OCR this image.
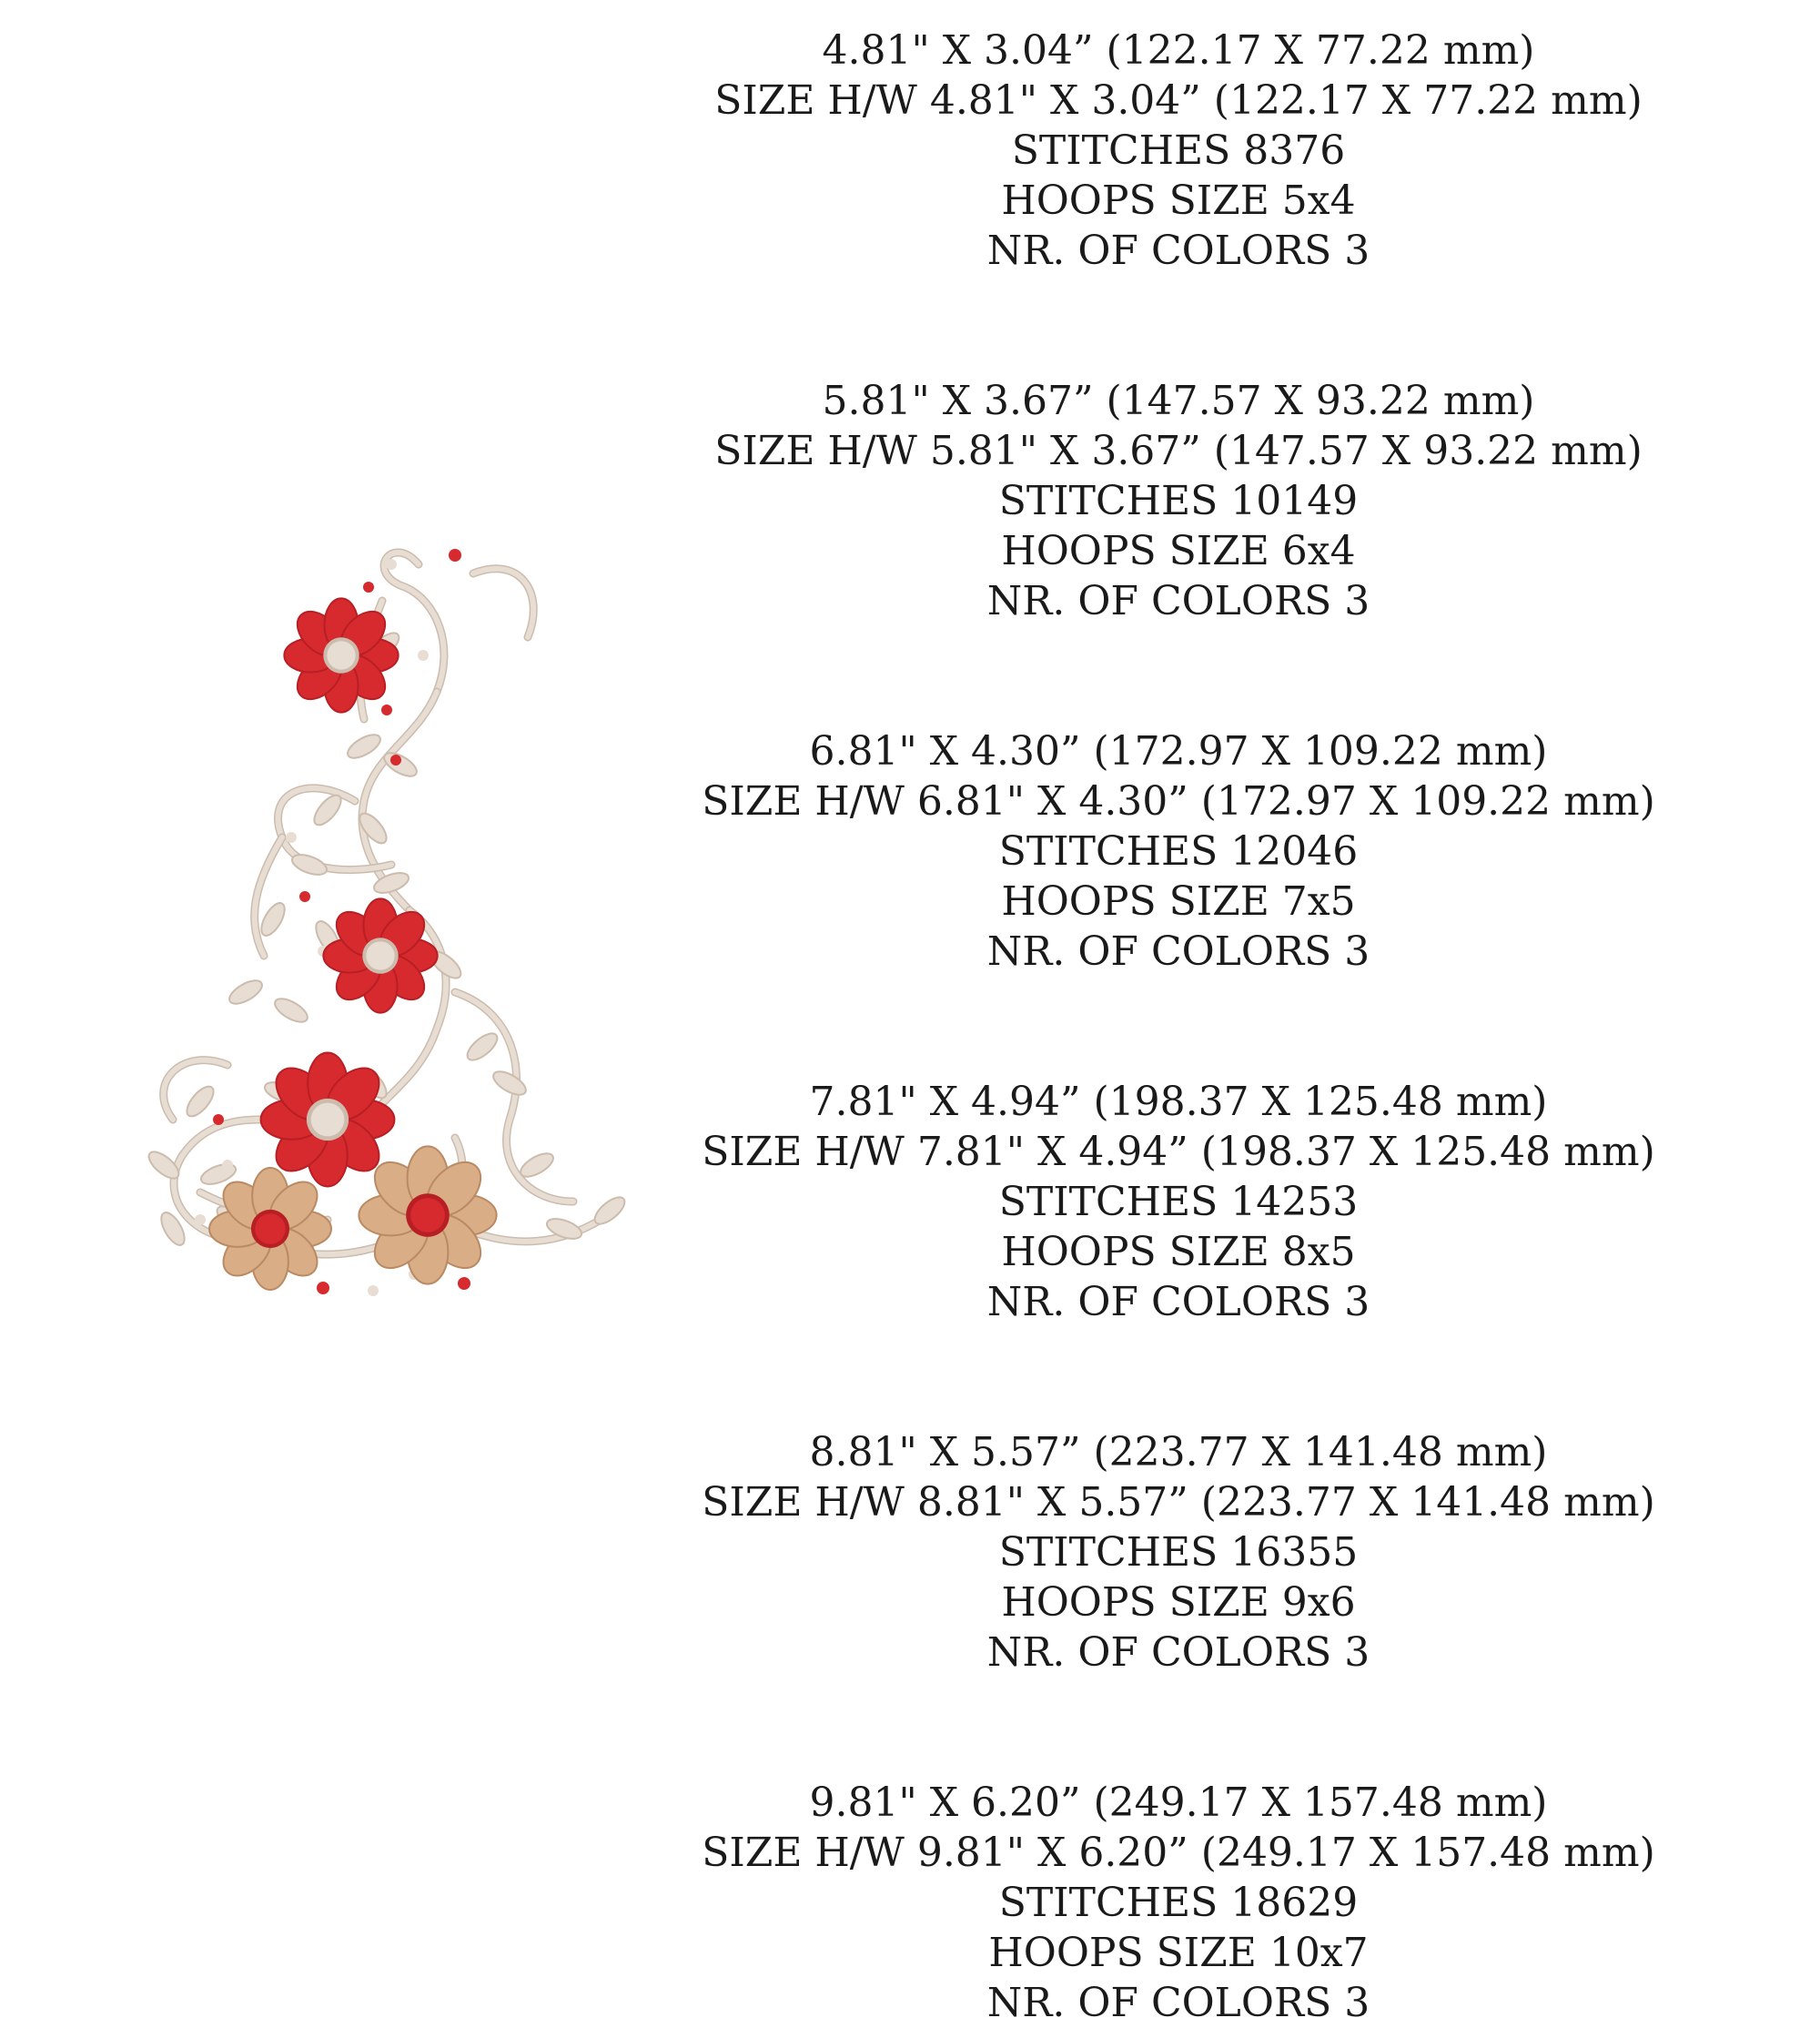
4.81" X 3.04” (122.17 X 77.22 mm)
SIZE H/W 4.81" X 3.04” (122.17 X 77.22 mm)
STITCHES 8376
HOOPS SIZE 5x4
NR. OF COLORS 3
5.81" X 3.67” (147.57 X 93.22 mm)
SIZE H/W 5.81" X 3.67” (147.57 X 93.22 mm)
STITCHES 10149
HOOPS SIZE 6x4
NR. OF COLORS 3
6.81" X 4.30” (172.97 X 109.22 mm)
SIZE H/W 6.81" X 4.30” (172.97 X 109.22 mm)
STITCHES 12046
HOOPS SIZE 7x5
NR. OF COLORS 3
7.81" X 4.94” (198.37 X 125.48 mm)
SIZE H/W 7.81" X 4.94” (198.37 X 125.48 mm)
STITCHES 14253
HOOPS SIZE 8x5
NR. OF COLORS 3
8.81" X 5.57” (223.77 X 141.48 mm)
SIZE H/W 8.81" X 5.57” (223.77 X 141.48 mm)
STITCHES 16355
HOOPS SIZE 9x6
NR. OF COLORS 3
9.81" X 6.20” (249.17 X 157.48 mm)
SIZE H/W 9.81" X 6.20” (249.17 X 157.48 mm)
STITCHES 18629
HOOPS SIZE 10x7
NR. OF COLORS 3
